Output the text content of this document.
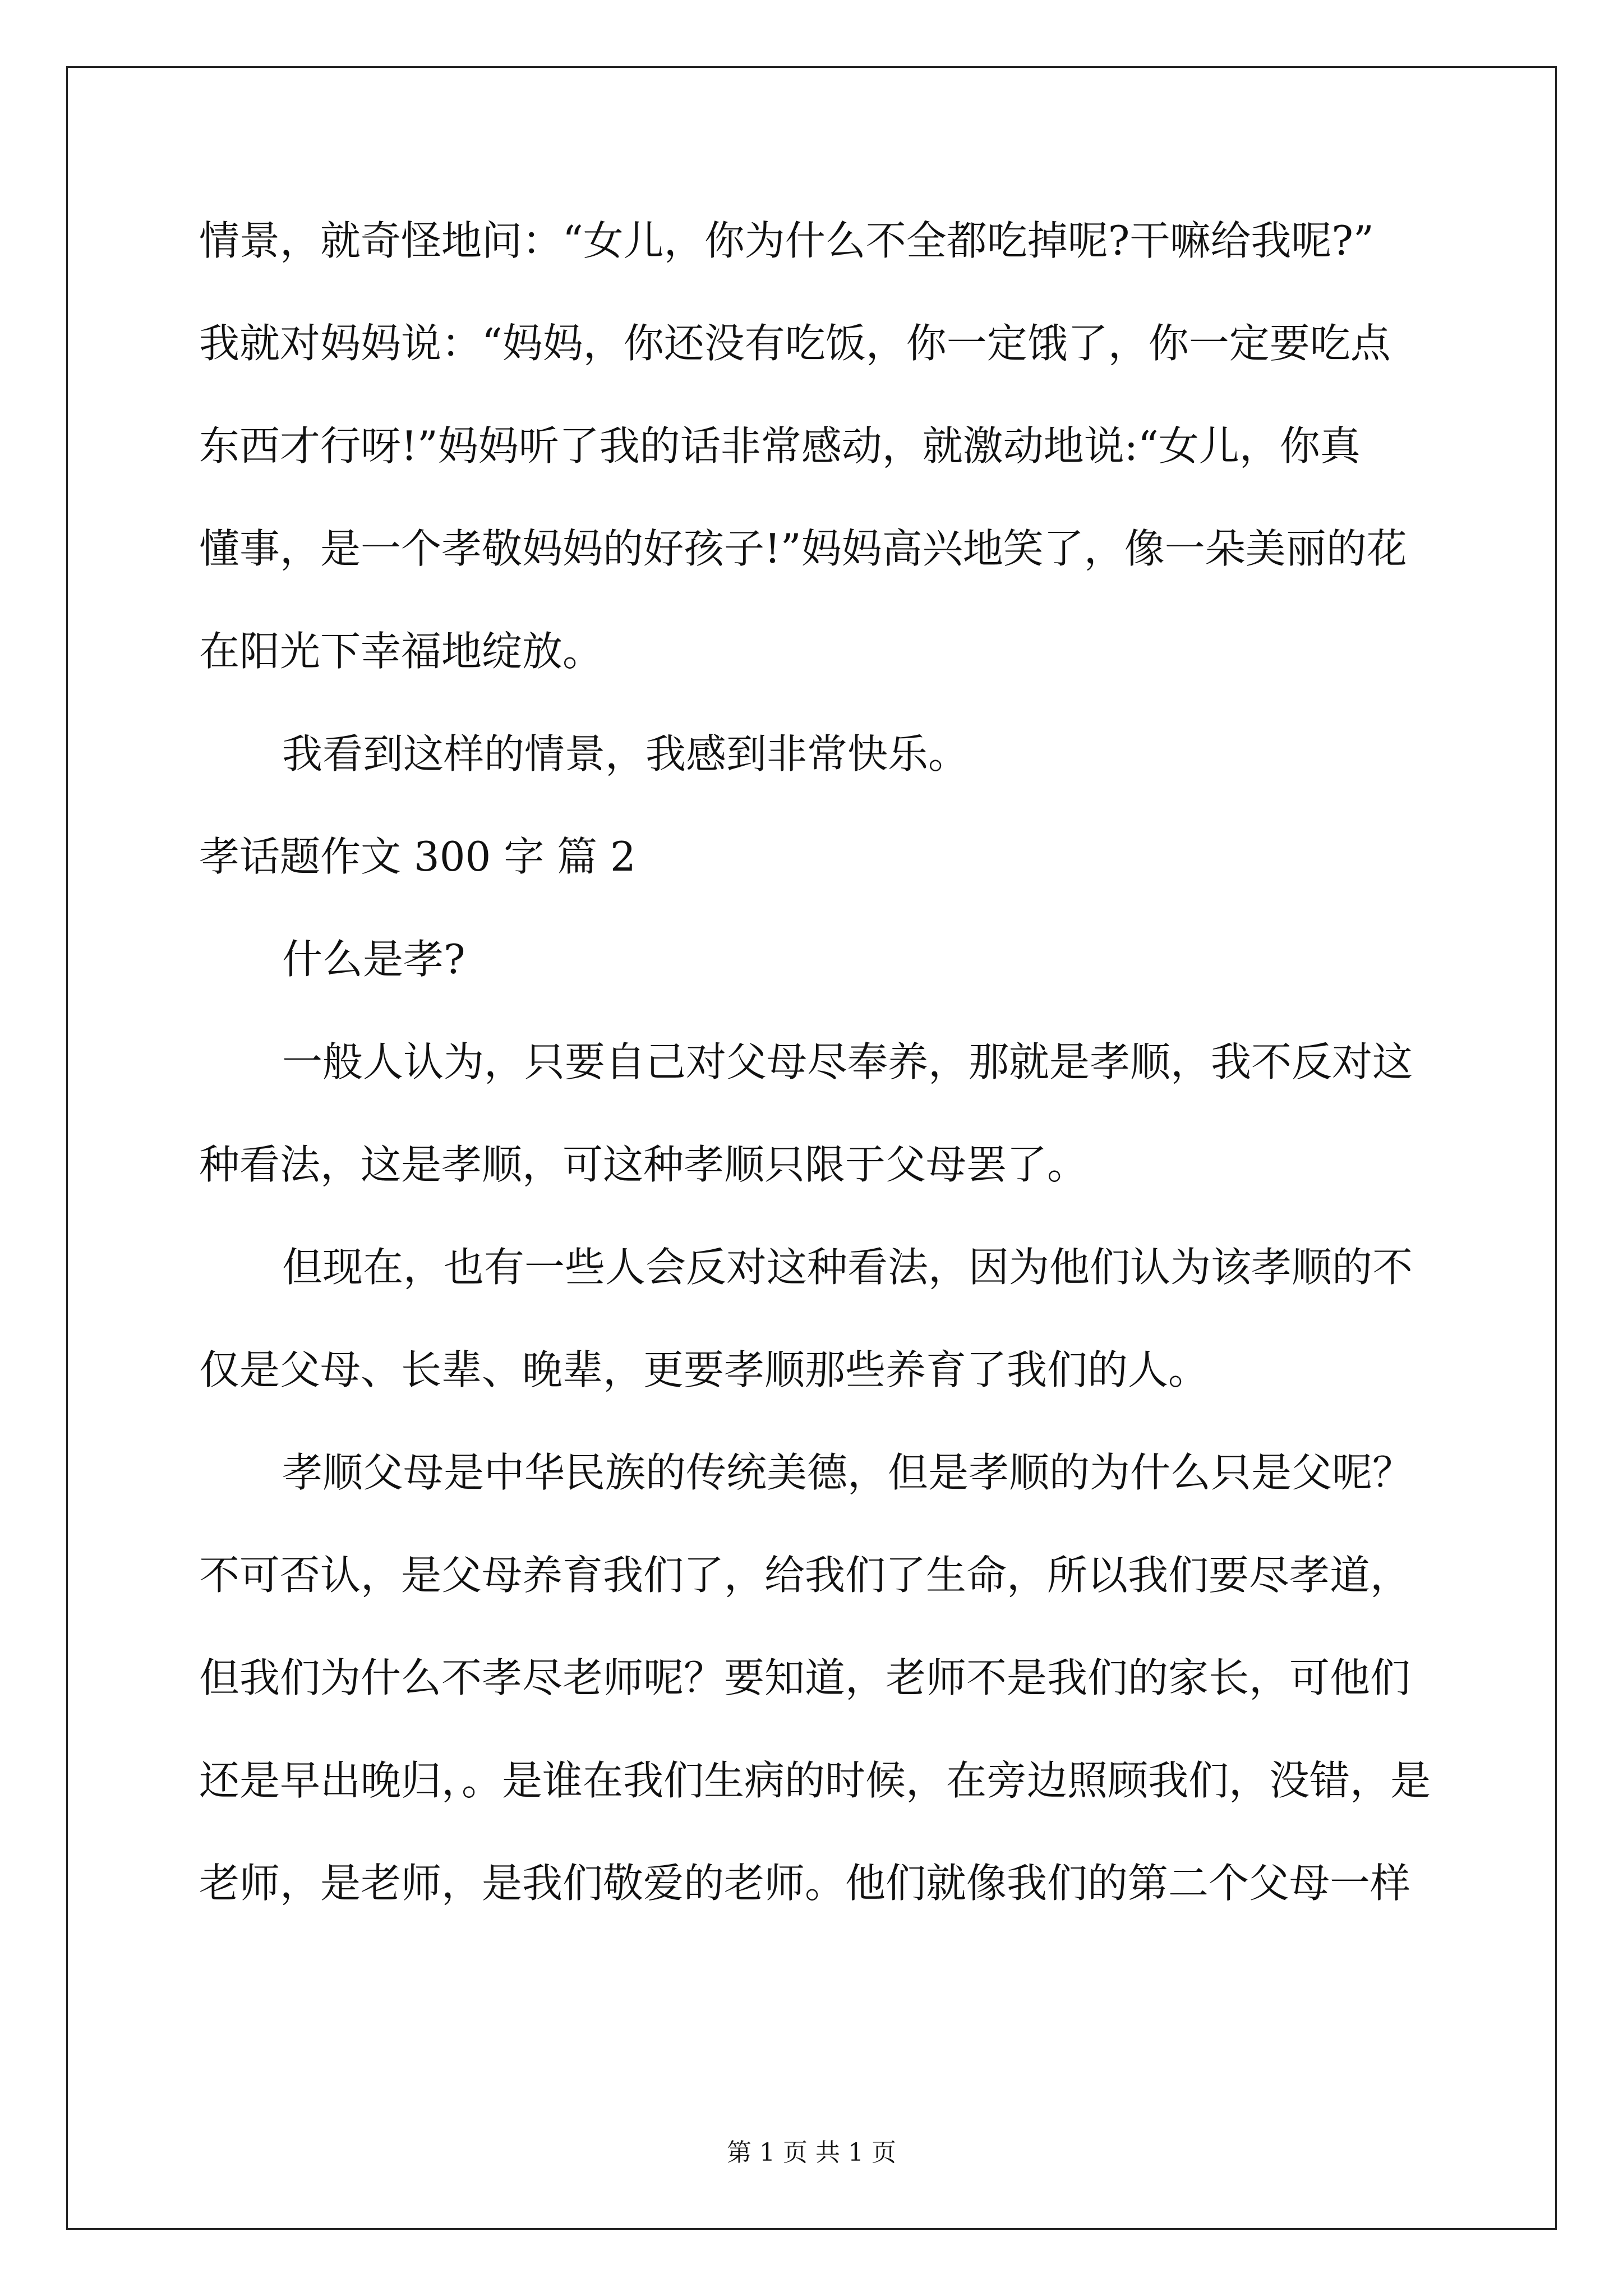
情景，就奇怪地问：“女儿，你为什么不全都吃掉呢?干嘛给我呢?”
我就对妈妈说：“妈妈，你还没有吃饭，你一定饿了，你一定要吃点
东西才行呀!”妈妈听了我的话非常感动，就激动地说:“女儿，你真
懂事，是一个孝敬妈妈的好孩子!”妈妈高兴地笑了，像一朵美丽的花
在阳光下幸福地绽放。
我看到这样的情景，我感到非常快乐。
孝话题作文 300 字 篇 2
什么是孝?
一般人认为，只要自己对父母尽奉养，那就是孝顺，我不反对这
种看法，这是孝顺，可这种孝顺只限于父母罢了。
但现在，也有一些人会反对这种看法，因为他们认为该孝顺的不
仅是父母、长辈、晚辈，更要孝顺那些养育了我们的人。
孝顺父母是中华民族的传统美德，但是孝顺的为什么只是父呢？
不可否认，是父母养育我们了，给我们了生命，所以我们要尽孝道，
但我们为什么不孝尽老师呢？要知道，老师不是我们的家长，可他们
还是早出晚归，。是谁在我们生病的时候，在旁边照顾我们，没错，是
老师，是老师，是我们敬爱的老师。他们就像我们的第二个父母一样
第 1 页 共 1 页
